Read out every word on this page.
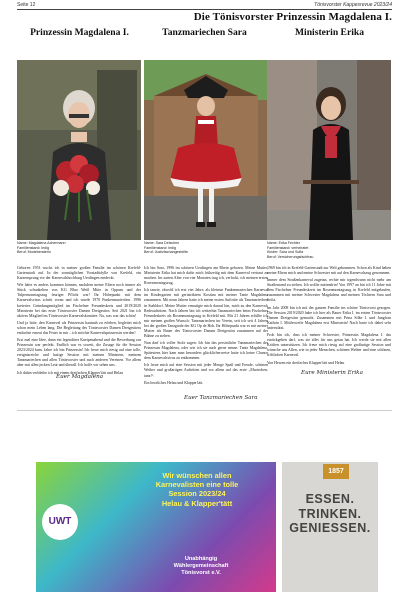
Seite 12	Tönisvorster Kappesrevue 2023/24
Die Tönisvorster Prinzessin Magdalena I.
Prinzessin Magdalena I.	Tanzmariechen Sara	Ministerin Erika
Name: Magdalena Achermann
Familienstand: ledig
Beruf: Modeberaterin
Name: Sara Delschen
Familienstand: ledig
Beruf: Justizfachangestellte
Name: Erika Fechter
Familienstand: verheiratet
Kinder: Sara und Sofia
Beruf: Versicherungsfachfrau

Geboren 1953 wuchs ich in meiner großen Familie im schönen Krefeld-Gartenstadt auf. In der sonntäglichen Vorstadtidylle von Krefeld, ein Katzensprung vor der Karnevalshochburg Uerdingen entdeckt.

Wie hätte es anders kommen können, nachdem meine Eltern noch immer als Stück schunkelten von KG Blau Weiß Mitte in Oppum und der Tulpensonntagszug feuriger Pflicht war! Ihr Höhepunkt mit dem Karnevalsvirus schritt voran und ich wurde 1970 Funkenmariechen. 1996 kreiertes Gründungsmitglied im Fischelner Freundeskreis und 2019/2020 Ministerin bei das erste Tönisvorster Damen Dreigestirn. Seit 2021 bin ich aktives Mitglied im Tönisvorster Karnevalskomitee. Na, was war das schön!

Und ja bitte, den Karneval als Prinzessin hautnah zu erleben, begleitet mich schon mein Leben lang. Die Begleitung des Tönisvorster Damen Dreigestirns entfachte erneut das Feuer in mir – ich möchte Karnevalsprinzessin werden!

Erst mal eine Idee, dann ein legendärer Kneipenabend und die Bewerbung zur Prinzessin war perfekt. Endlich war es soweit, die Zusage für die Session 2023/2024 kam. Jahre ich bin Prinzessin! Ich freue mich riesig auf eine tolle, ereignisreiche und lustige Session mit meinen Ministern, meinem Tanzmariechen und allen Tönisvorster und auch anderen Vereinen. Vor allem aber mit allen jecken Leut und überall. Ich hoffe wir sehen uns.

Ich dahin verbleibe ich mit einem dreifachen Klapper'tätt und Helau

Ich bin Sara, 1996 im schönen Uerdingen am Rhein geboren. Meine Mutter, Ministerin Erika hat mich dafür mich frühzeitig mit dem Karneval vertraut zu machen. Im zarten Alter von vier Monaten trug ich, verlockt, ich meinen ersten Rosenmontagszug.

Ich tanzte, obwohl ich erst vier Jahre, als kleinste Funkenmariechen Karneval im Kindergarten mit geriatriktem Kostüm mit meiner Tante Magdalena zusammen. Mit neun Jahren hatte ich meine ersten Auftritte als Tanzmariechen in Stahldorf. Meine Mutter ermutigte mich darauf hin, mich zu den Karneval-Redeauftritten. Nach Jahren bin ich weiterhin Tanzmariechen beim Fischelner Freundeskreis als Rosenmontagszug in Krefeld mit. Mit 21 Jahren erfüllte ich mir meinen großen Wunsch: Tanzmariechen im Verein, seit ich seit 4 Jahren bei der großen Tanzgarde der KG Op de Hoh. Ihr Höhepunkt war es mit meiner Mutter als Bauer des Tönisvorster Damen Dreigestirn zusammen auf der Bühne zu stehen.

Nun darf ich voller Stolz sagen: Ich bin das persönliche Tanzmariechen der Prinzessin Magdalena, oder wie ich sie auch gerne nenne: Tante Magdalena. Spätestens hier kam man besonders glücklicherweise hatte ich keine Chance dem Karnevalsvirus zu entkommen.

Ich freue mich auf eine Session mit jeder Menge Spaß und Freude, schönen Weiber und großartigen Auftritten und vor allem auf das erste „Mariechen, tanz!“.

Ein herzliches Helau und Klapper'tätt.

1969 bin ich in Krefeld-Gartenstadt zur Welt gekommen. Schon als Kind haben meine Eltern mich und meine Schwester mit auf den Karnevalszug genommen.

Immer dem Straßenkarneval zugetan, rechte mir irgendwann nicht mehr am Straßenrand zu stehen. Ich wollte mittendrin! Von 1997 an bin ich 11 Jahre mit dem Fischelner Freundeskreis im Rosenmontagszug in Krefeld mitgelaufen, zusammen mit meiner Schwester Magdalena und meinen Töchtern Sara und Sofia.

Im Jahr 2008 bin ich mit der ganzen Familie ins schöne Tönisvorst gezogen. Die Session 2019/2020 habe ich hier als Bauer Erika I. im ersten Tönisvorster Damen Dreigestirn gemacht. Zusammen mit Prinz Silke I. und Jungfrau Kathrin I. Mittlerweile Magdalena erst Ministerin! Nach harte ich dabei sehr unterstützt.

Froh bin ich, dass ich meiner Schwester, Prinzessin Magdalena I. das zurückgeben darf, was sie alles für uns getan hat. Ich werde sie mit allen Kräften unterstützen. Ich freue mich riesig auf eine großartige Session und wünsche uns Allen, wie in jeder Menschen, schönen Weiber und eine schönen, fröhlichen Karneval.

Von Herzen ein dreifaches Klapper'tätt und Helau

Euer Magdalena
Euer Tanzmariechen Sara
Eure Ministerin Erika
UWT
Wir wünschen allen
Karnevalisten eine tolle
Session 2023/24
Helau & Klapper'tätt
Unabhängig
Wählergemeinschaft
Tönisvorst e.V.
1857
ESSEN.
TRINKEN.
GENIESSEN.
